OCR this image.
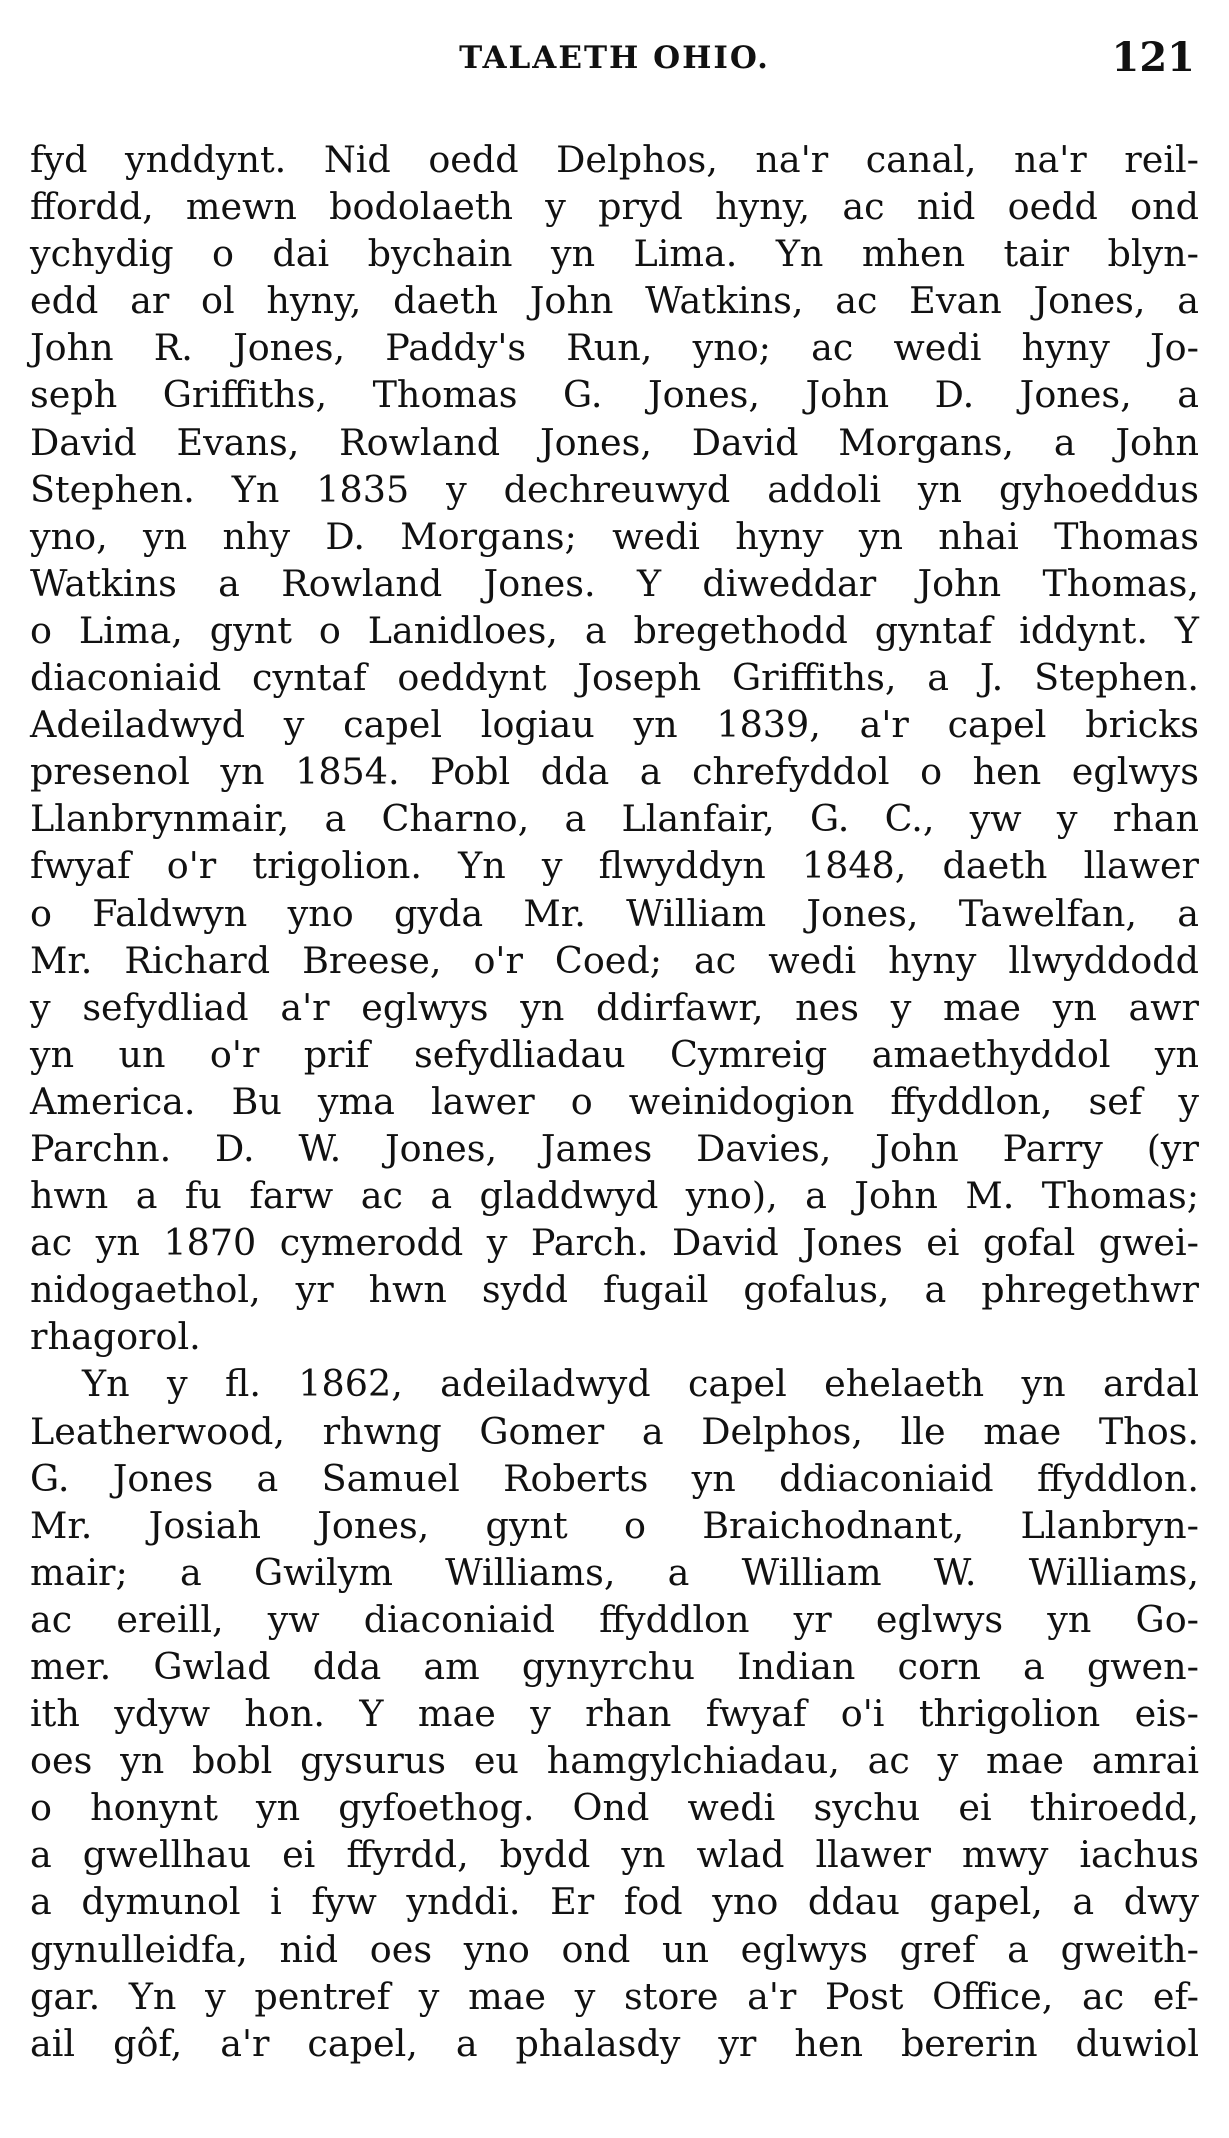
TALAETH OHIO.	121
fyd ynddynt. Nid oedd Delphos, na'r canal, na'r reil-
ffordd, mewn bodolaeth y pryd hyny, ac nid oedd ond
ychydig o dai bychain yn Lima. Yn mhen tair blyn-
edd ar ol hyny, daeth John Watkins, ac Evan Jones, a
John R. Jones, Paddy's Run, yno; ac wedi hyny Jo-
seph Griffiths, Thomas G. Jones, John D. Jones, a
David Evans, Rowland Jones, David Morgans, a John
Stephen. Yn 1835 y dechreuwyd addoli yn gyhoeddus
yno, yn nhy D. Morgans; wedi hyny yn nhai Thomas
Watkins a Rowland Jones. Y diweddar John Thomas,
o Lima, gynt o Lanidloes, a bregethodd gyntaf iddynt. Y
diaconiaid cyntaf oeddynt Joseph Griffiths, a J. Stephen.
Adeiladwyd y capel logiau yn 1839, a'r capel bricks
presenol yn 1854. Pobl dda a chrefyddol o hen eglwys
Llanbrynmair, a Charno, a Llanfair, G. C., yw y rhan
fwyaf o'r trigolion. Yn y flwyddyn 1848, daeth llawer
o Faldwyn yno gyda Mr. William Jones, Tawelfan, a
Mr. Richard Breese, o'r Coed; ac wedi hyny llwyddodd
y sefydliad a'r eglwys yn ddirfawr, nes y mae yn awr
yn un o'r prif sefydliadau Cymreig amaethyddol yn
America. Bu yma lawer o weinidogion ffyddlon, sef y
Parchn. D. W. Jones, James Davies, John Parry (yr
hwn a fu farw ac a gladdwyd yno), a John M. Thomas;
ac yn 1870 cymerodd y Parch. David Jones ei gofal gwei-
nidogaethol, yr hwn sydd fugail gofalus, a phregethwr
rhagorol.
Yn y fl. 1862, adeiladwyd capel ehelaeth yn ardal
Leatherwood, rhwng Gomer a Delphos, lle mae Thos.
G. Jones a Samuel Roberts yn ddiaconiaid ffyddlon.
Mr. Josiah Jones, gynt o Braichodnant, Llanbryn-
mair; a Gwilym Williams, a William W. Williams,
ac ereill, yw diaconiaid ffyddlon yr eglwys yn Go-
mer. Gwlad dda am gynyrchu Indian corn a gwen-
ith ydyw hon. Y mae y rhan fwyaf o'i thrigolion eis-
oes yn bobl gysurus eu hamgylchiadau, ac y mae amrai
o honynt yn gyfoethog. Ond wedi sychu ei thiroedd,
a gwellhau ei ffyrdd, bydd yn wlad llawer mwy iachus
a dymunol i fyw ynddi. Er fod yno ddau gapel, a dwy
gynulleidfa, nid oes yno ond un eglwys gref a gweith-
gar. Yn y pentref y mae y store a'r Post Office, ac ef-
ail gôf, a'r capel, a phalasdy yr hen bererin duwiol
